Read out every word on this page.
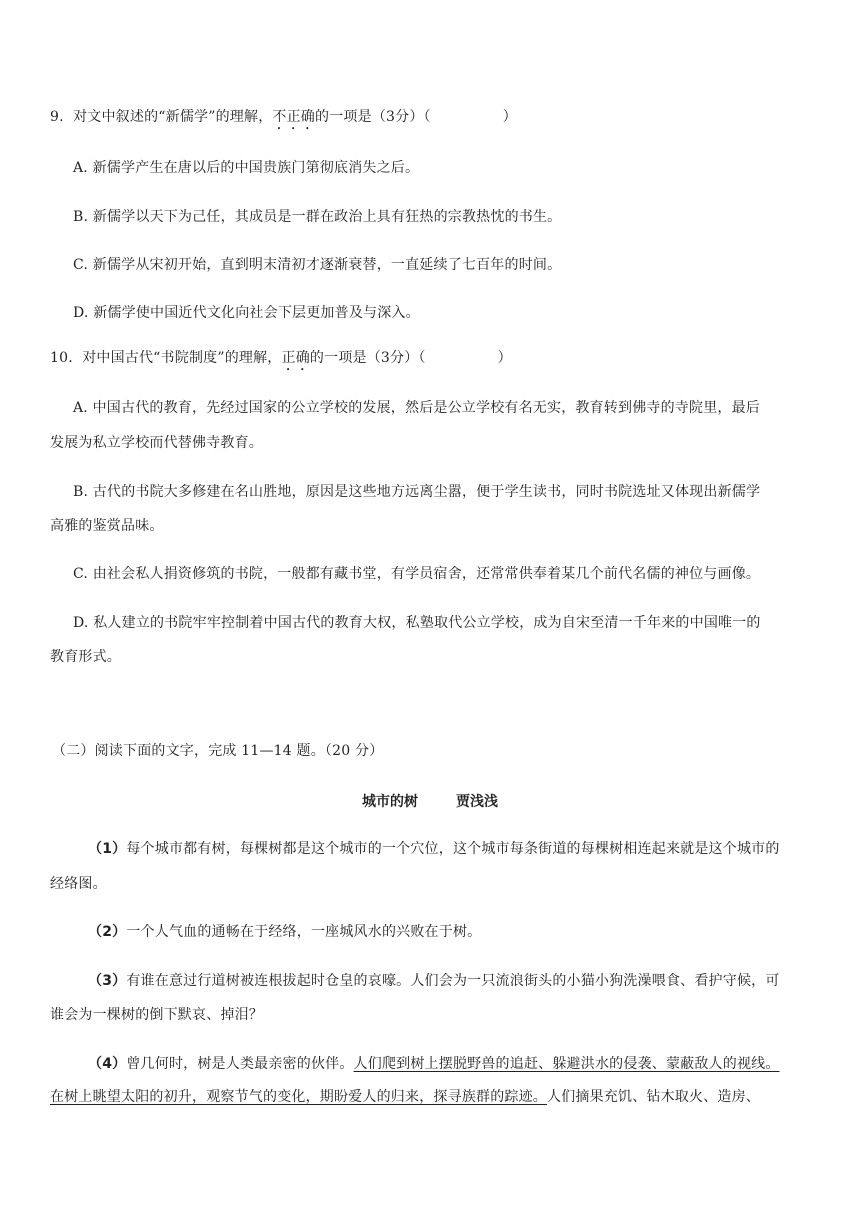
9. 对文中叙述的“新儒学”的理解，不正确的一项是（3分）（	）
A. 新儒学产生在唐以后的中国贵族门第彻底消失之后。
B. 新儒学以天下为己任，其成员是一群在政治上具有狂热的宗教热忱的书生。
C. 新儒学从宋初开始，直到明末清初才逐渐衰替，一直延续了七百年的时间。
D. 新儒学使中国近代文化向社会下层更加普及与深入。
10. 对中国古代“书院制度”的理解，正确的一项是（3分）（	）
A. 中国古代的教育，先经过国家的公立学校的发展，然后是公立学校有名无实，教育转到佛寺的寺院里，最后
发展为私立学校而代替佛寺教育。
B. 古代的书院大多修建在名山胜地，原因是这些地方远离尘嚣，便于学生读书，同时书院选址又体现出新儒学
高雅的鉴赏品味。
C. 由社会私人捐资修筑的书院，一般都有藏书堂，有学员宿舍，还常常供奉着某几个前代名儒的神位与画像。
D. 私人建立的书院牢牢控制着中国古代的教育大权，私塾取代公立学校，成为自宋至清一千年来的中国唯一的
教育形式。
（二）阅读下面的文字，完成 11—14 题。（20 分）
城市的树	贾浅浅
（1）每个城市都有树，每棵树都是这个城市的一个穴位，这个城市每条街道的每棵树相连起来就是这个城市的
经络图。
（2）一个人气血的通畅在于经络，一座城风水的兴败在于树。
（3）有谁在意过行道树被连根拔起时仓皇的哀嚎。人们会为一只流浪街头的小猫小狗洗澡喂食、看护守候，可
谁会为一棵树的倒下默哀、掉泪？
（4）曾几何时，树是人类最亲密的伙伴。人们爬到树上摆脱野兽的追赶、躲避洪水的侵袭、蒙蔽敌人的视线。
在树上眺望太阳的初升，观察节气的变化，期盼爱人的归来，探寻族群的踪迹。人们摘果充饥、钻木取火、造房、
